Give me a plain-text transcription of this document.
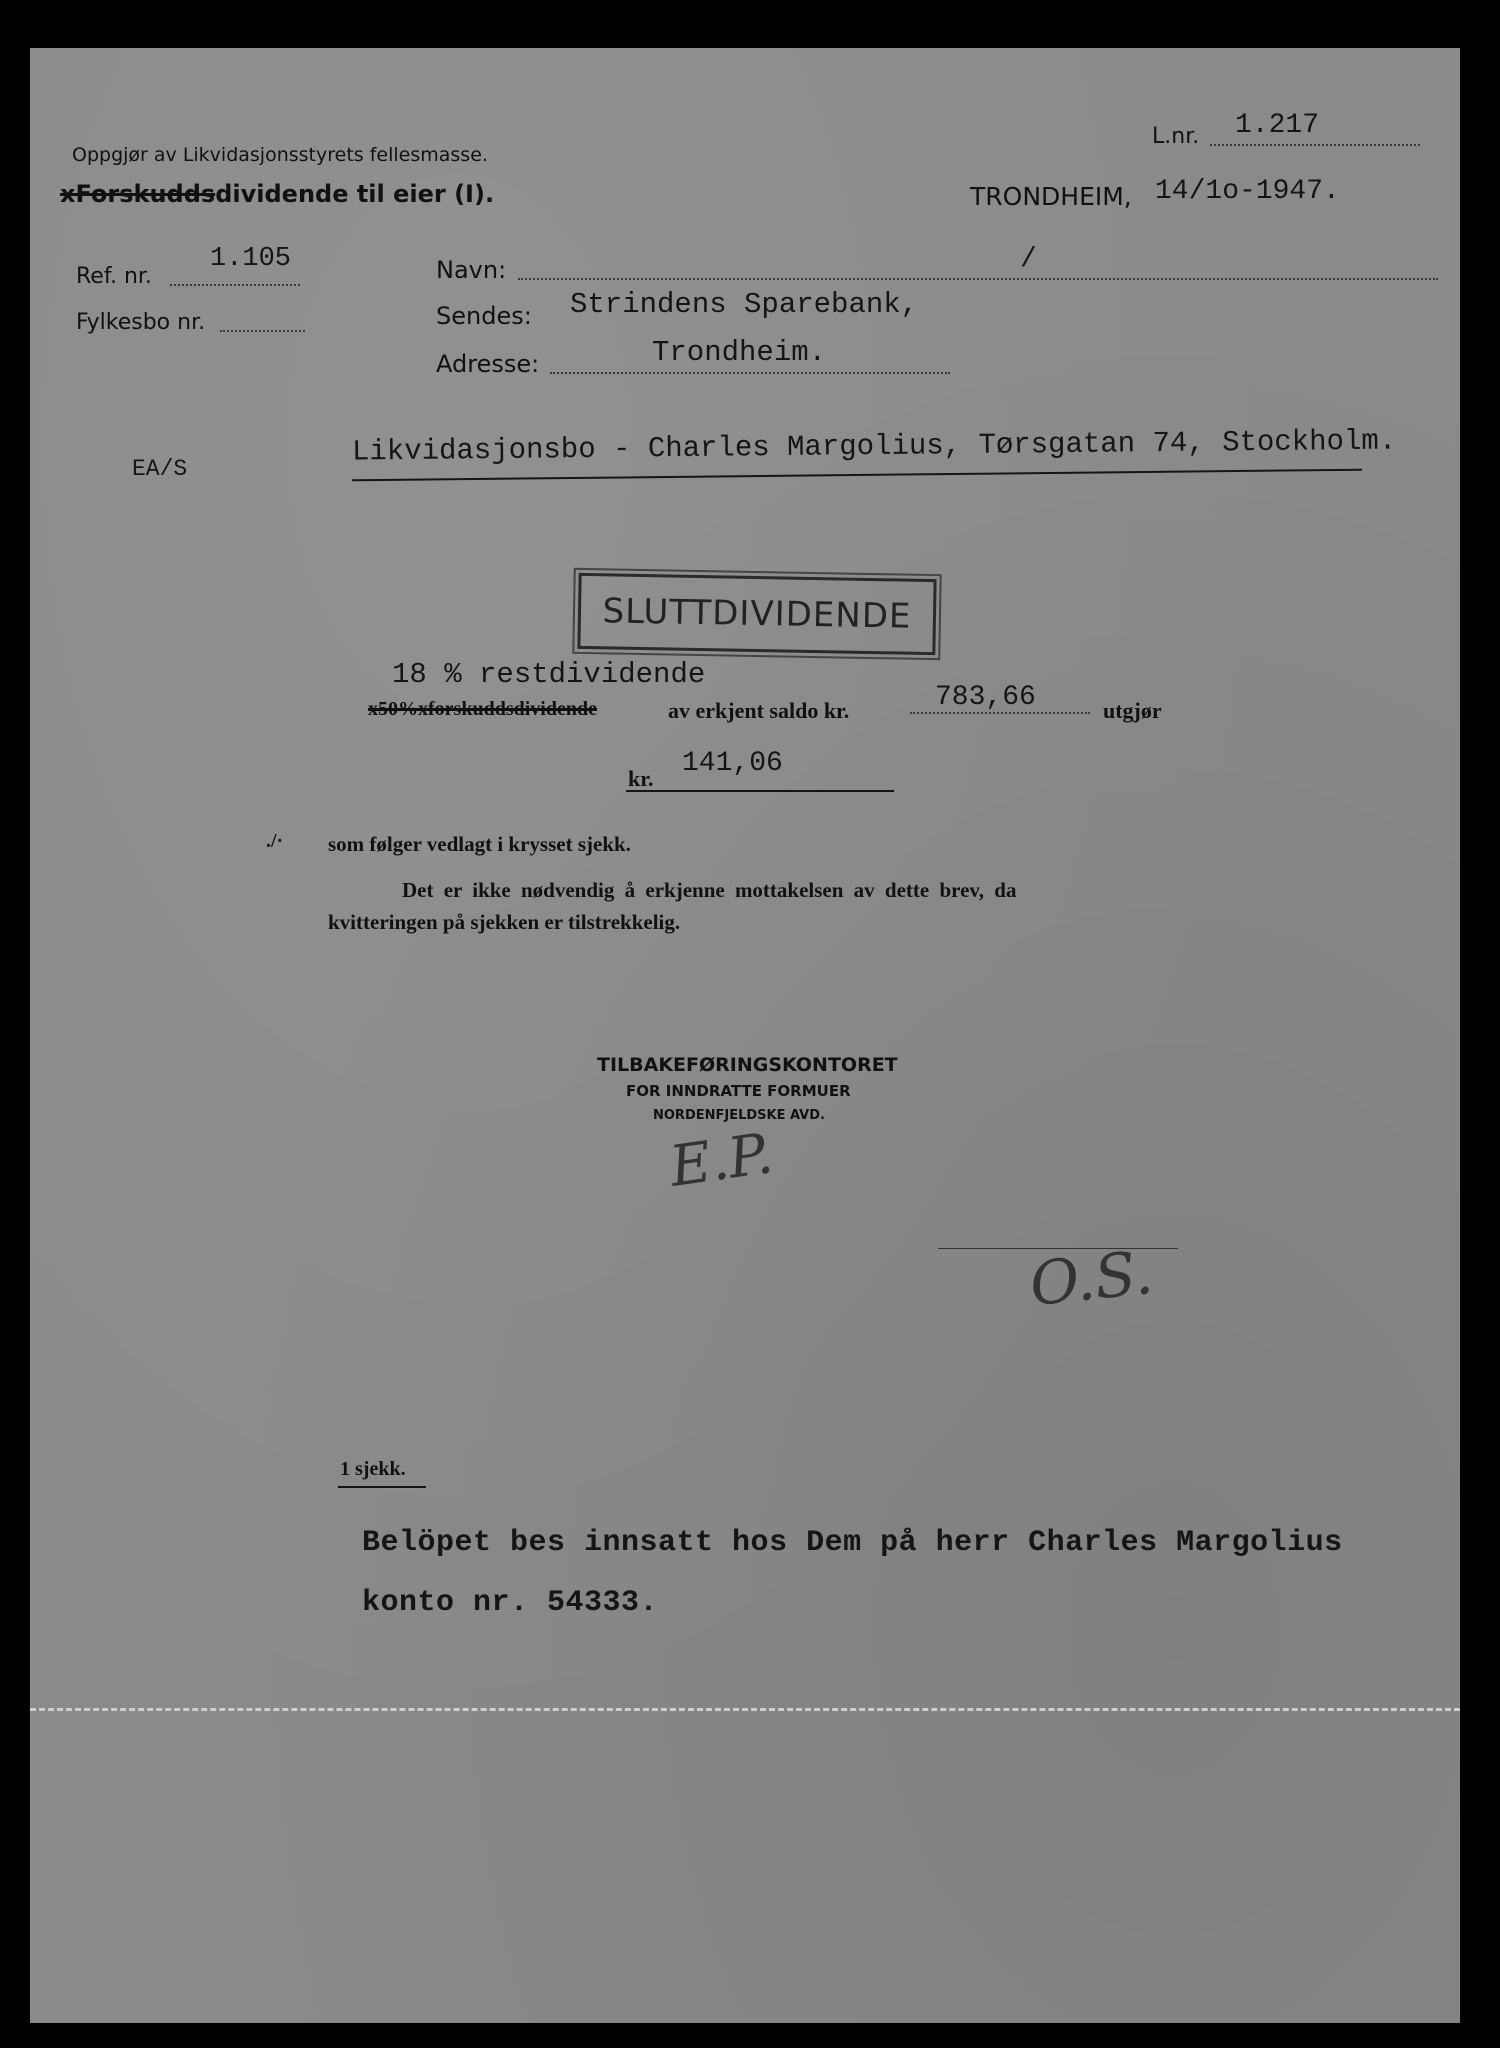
Oppgjør av Likvidasjonsstyrets fellesmasse.
xForskuddsdividende til eier (I).
L.nr. 1.217
TRONDHEIM, 14/1o-1947.
Ref. nr.
1.105
Fylkesbo nr.
Navn:	/
Sendes: Strindens Sparebank,
Adresse:	Trondheim.
EA/S
Likvidasjonsbo - Charles Margolius, Tørsgatan 74, Stockholm.
SLUTTDIVIDENDE
18 % restdividende
x50%xforskuddsdividende	av erkjent saldo kr.	783,66	utgjør
kr. 141,06
./· som følger vedlagt i krysset sjekk.
Det er ikke nødvendig å erkjenne mottakelsen av dette brev, da
kvitteringen på sjekken er tilstrekkelig.
TILBAKEFØRINGSKONTORET
FOR INNDRATTE FORMUER
NORDENFJELDSKE AVD.
E.P.
O.S.
1 sjekk.
Belöpet bes innsatt hos Dem på herr Charles Margolius
konto nr. 54333.
